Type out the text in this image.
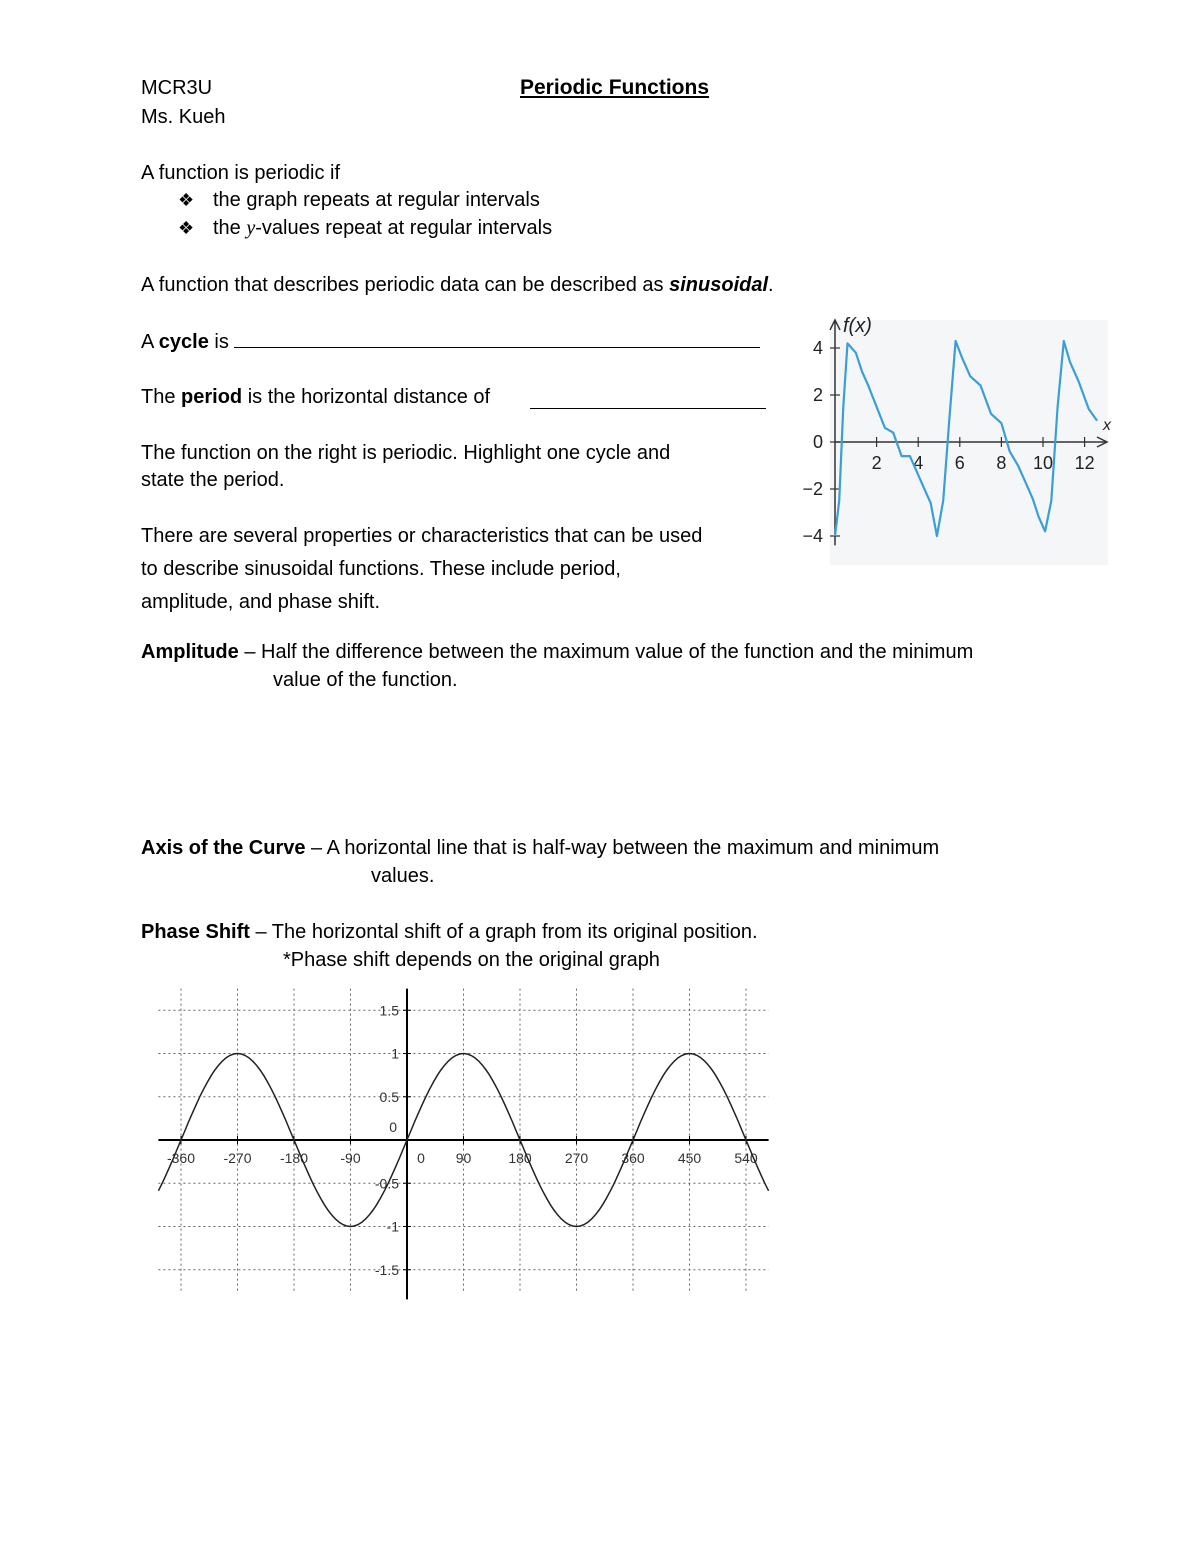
MCR3U
Ms. Kueh
Periodic Functions
A function is periodic if
❖ the graph repeats at regular intervals
❖ the y-values repeat at regular intervals
A function that describes periodic data can be described as sinusoidal.
A cycle is
The period is the horizontal distance of
The function on the right is periodic. Highlight one cycle and
state the period.
There are several properties or characteristics that can be used
to describe sinusoidal functions. These include period,
amplitude, and phase shift.
Amplitude – Half the difference between the maximum value of the function and the minimum
value of the function.
Axis of the Curve – A horizontal line that is half-way between the maximum and minimum
values.
Phase Shift – The horizontal shift of a graph from its original position.
*Phase shift depends on the original graph
f(x)
x
4
2
0
−2
−4
2 4 6 8 10 12
1.5
1
0.5
0
-0.5
-1
-1.5
-360 -270 -180 -90	0 90	180 270 360 450 540
